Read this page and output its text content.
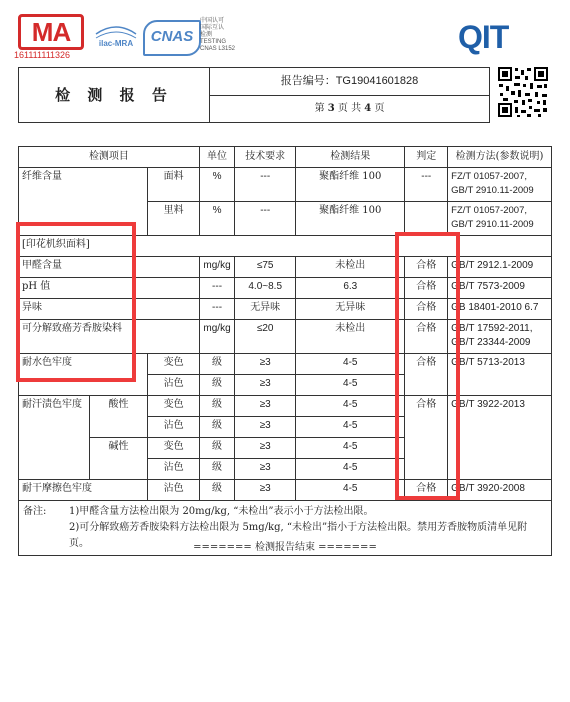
MA
161111111326
ilac-MRA	CNAS
中国认可
国际互认
检测
TESTING
CNAS L3152	QIT
检 测 报 告
报告编号：TG19041601828
第 3 页 共 4 页
检测项目			单位	技术要求	检测结果	判定	检测方法(参数说明)
纤维含量		面料	%	---	聚酯纤维 100	---	FZ/T 01057-2007,
GB/T 2910.11-2009
		里料	%	---	聚酯纤维 100		FZ/T 01057-2007,
GB/T 2910.11-2009
[印花机织面料]							
甲醛含量			mg/kg	≤75	未检出	合格	GB/T 2912.1-2009
pH 值			---	4.0~8.5	6.3	合格	GB/T 7573-2009
异味			---	无异味	无异味	合格	GB 18401-2010 6.7
可分解致癌芳香胺染料			mg/kg	≤20	未检出	合格	GB/T 17592-2011,
GB/T 23344-2009
耐水色牢度		变色	级	≥3	4-5	合格	GB/T 5713-2013
		沾色	级	≥3	4-5		
耐汗渍色牢度	酸性	变色	级	≥3	4-5	合格	GB/T 3922-2013
		沾色	级	≥3	4-5		
	碱性	变色	级	≥3	4-5		
		沾色	级	≥3	4-5		
耐干摩擦色牢度		沾色	级	≥3	4-5	合格	GB/T 3920-2008

备注: 1)甲醛含量方法检出限为 20mg/kg, “未检出”表示小于方法检出限。
2)可分解致癌芳香胺染料方法检出限为 5mg/kg, “未检出”指小于方法检出限。禁用芳香胺物质清单见附页。								======= 检测报告结束 =======
